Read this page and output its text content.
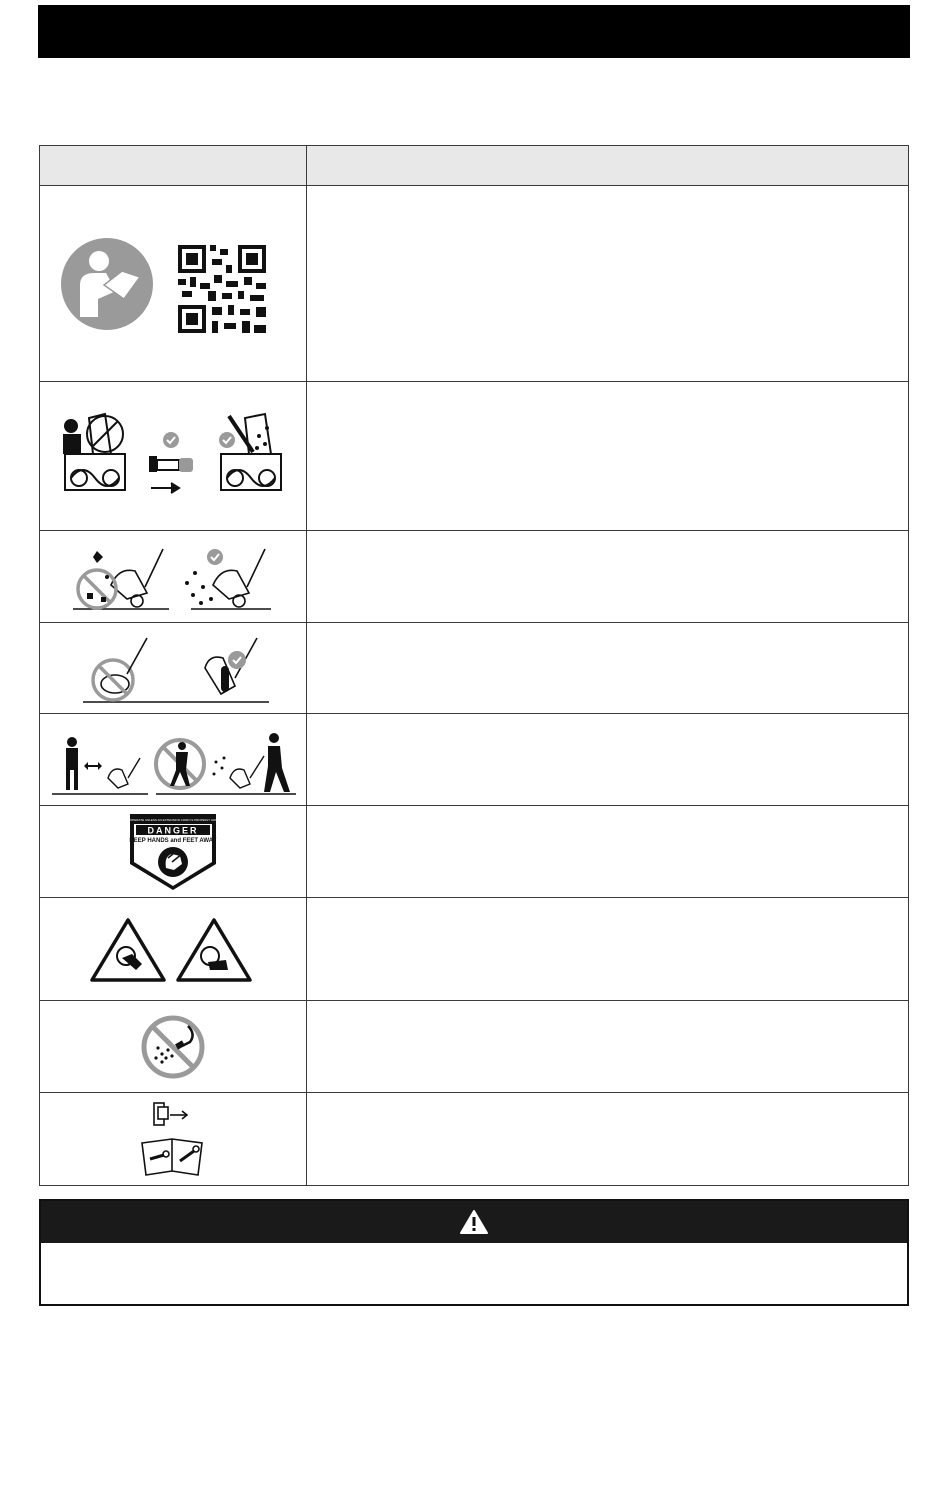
DO NOT OPERATE UNLESS AN EXTENSION CORD IS PROPERLY GROUNDED
DANGER
KEEP HANDS and FEET AWAY	
